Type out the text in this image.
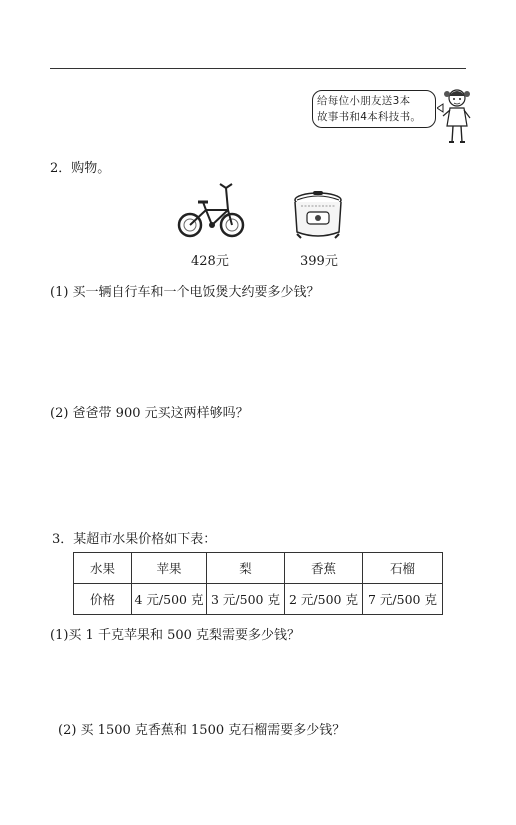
给每位小朋友送3本
故事书和4本科技书。
2．购物。
428元	399元
(1) 买一辆自行车和一个电饭煲大约要多少钱？
(2) 爸爸带 900 元买这两样够吗？
3．某超市水果价格如下表：
水果	苹果	梨	香蕉	石榴
价格	4 元/500 克	3 元/500 克	2 元/500 克	7 元/500 克
(1)买 1 千克苹果和 500 克梨需要多少钱？
(2) 买 1500 克香蕉和 1500 克石榴需要多少钱？
